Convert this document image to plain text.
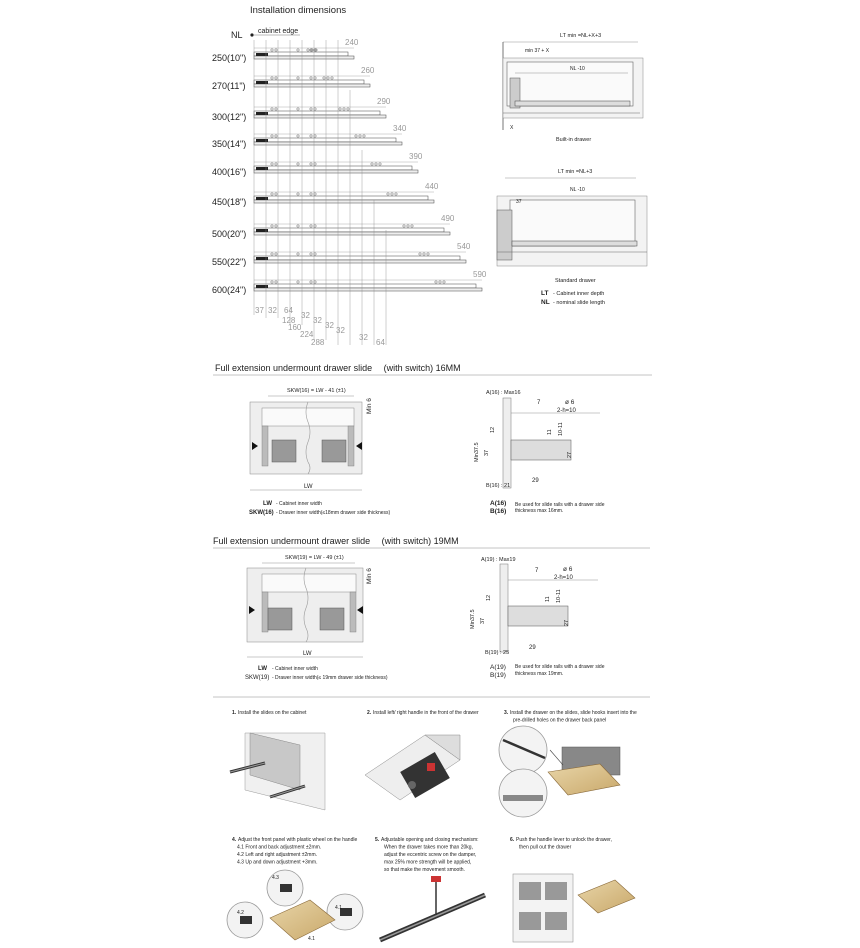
Installation dimensions
NL cabinet edge
250(10")
240
270(11")
260
300(12")
290
350(14")
340
400(16")
390
450(18")
440
500(20")
490
550(22")
540
600(24")
590
37 32 64
32
128 32
160	32
224	32
288
32
64
LT min =NL+X+3
min 37 + X
NL -10
X
Built-in drawer
LT min =NL+3
NL -10
37
Standard drawer
LT - Cabinet inner depth
NL - nominal slide length
Full extension undermount drawer slide 　(with switch) 16MM
SKW(16) = LW - 41 (±1)
Min 6
LW
LW - Cabinet inner width
SKW(16) - Drawer inner width(≤18mm drawer side thickness)
A(16) : Max16
7	ø 6
2-h=10
12	11 10-11
Min37.5 37	27
29
B(16) : 21
A(16)
B(16)
Be used for slide rails with a drawer side
thickness max 16mm.
Full extension undermount drawer slide 　(with switch) 19MM
SKW(19) = LW - 49 (±1)
Min 6
LW
LW - Cabinet inner width
SKW(19) - Drawer inner width(≤ 19mm drawer side thickness)
A(19) : Max19
7	ø 6
2-h=10
12	11 10-11
Min37.5 37	27
29
B(19) : 25
A(19)
B(19)
Be used for slide rails with a drawer side
thickness max 19mm.
1. Install the slides on the cabinet	2. Install left/ right handle in the front of the drawer	3. Install the drawer on the slides, slide hooks insert into the
pre-drilled holes on the drawer back panel
4. Adjust the front panel with plastic wheel on the handle
4.1 Front and back adjustment ±2mm.
4.2 Left and right adjustment ±2mm.
4.3 Up and down adjustment +3mm.
5. Adjustable opening and closing mechanism:
When the drawer takes more than 20kg,
adjust the eccentric screw on the damper,
max 25% more strength will be applied,
so that make the movement smooth.
6. Push the handle lever to unlock the drawer,
then pull out the drawer
4.3
4.2
4.1
4.1
